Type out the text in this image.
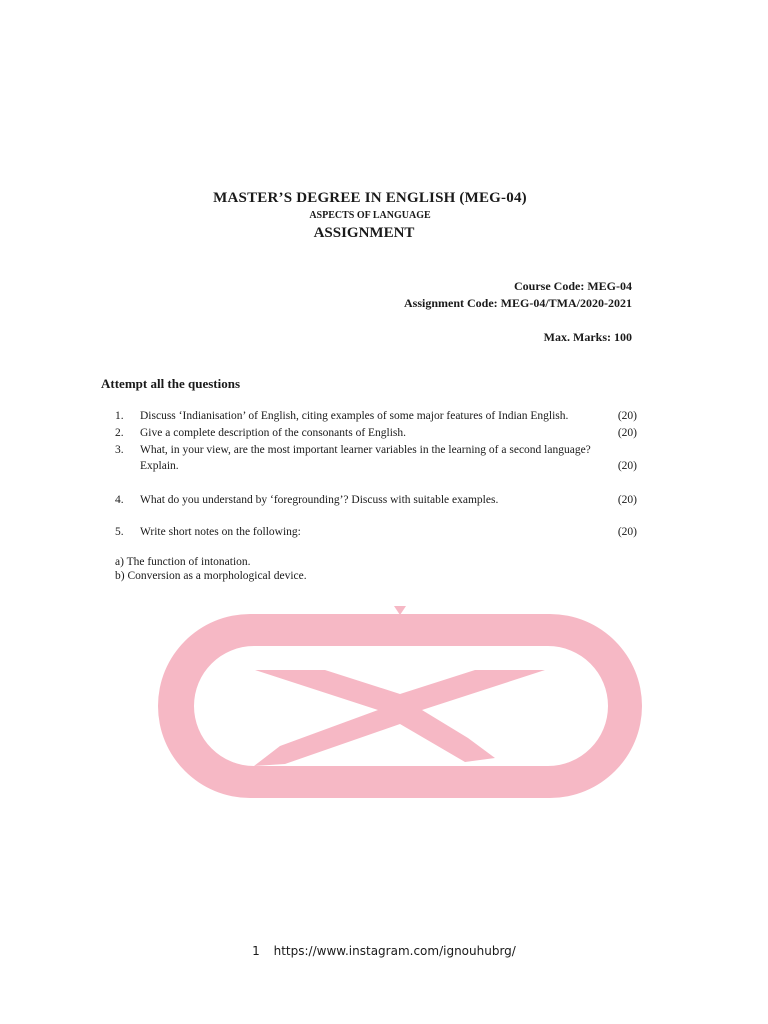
MASTER’S DEGREE IN ENGLISH (MEG-04)
ASPECTS OF LANGUAGE
ASSIGNMENT
Course Code: MEG-04
Assignment Code: MEG-04/TMA/2020-2021
Max. Marks: 100
Attempt all the questions
1. Discuss ‘Indianisation’ of English, citing examples of some major features of Indian English.	(20)
2. Give a complete description of the consonants of English.	(20)
3. What, in your view, are the most important learner variables in the learning of a second language?
Explain.	(20)
4. What do you understand by ‘foregrounding’? Discuss with suitable examples.	(20)
5. Write short notes on the following:	(20)
a) The function of intonation.
b) Conversion as a morphological device.
1 https://www.instagram.com/ignouhubrg/
